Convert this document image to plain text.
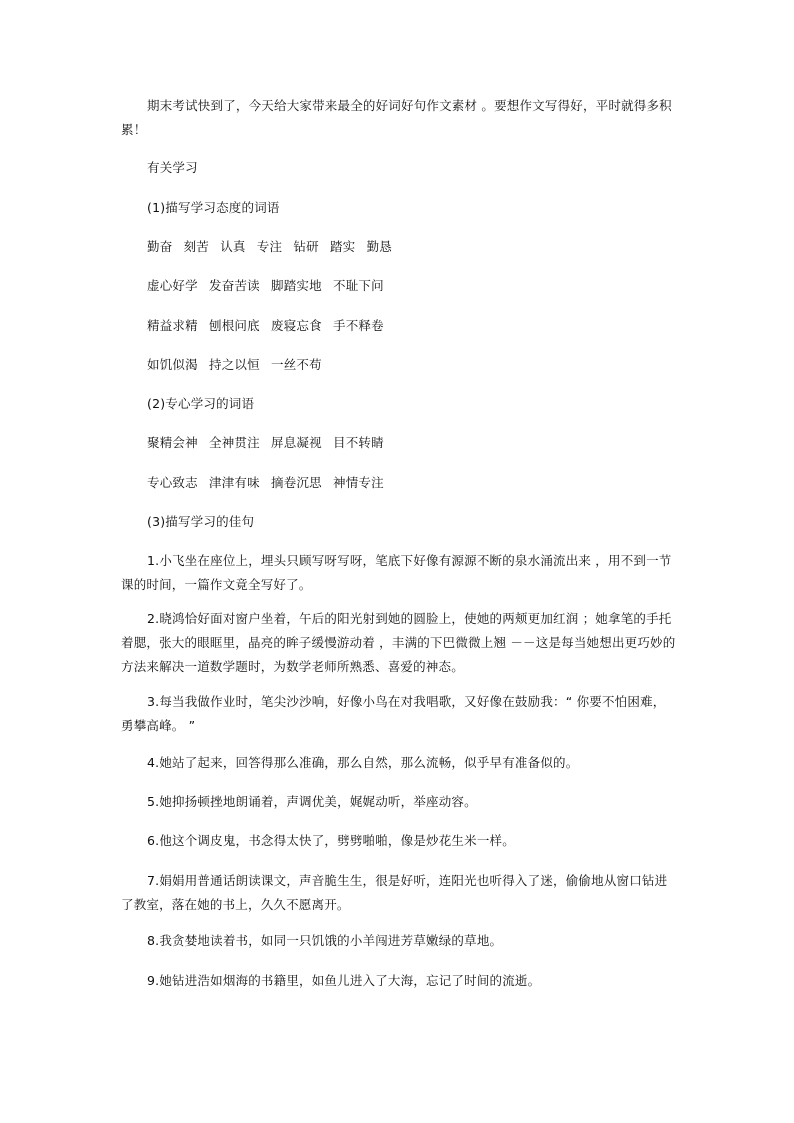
期末考试快到了，今天给大家带来最全的好词好句作文素材 。要想作文写得好，平时就得多积累！

有关学习

(1)描写学习态度的词语

勤奋 刻苦 认真 专注 钻研 踏实 勤恳

虚心好学 发奋苦读 脚踏实地 不耻下问

精益求精 刨根问底 废寝忘食 手不释卷

如饥似渴 持之以恒 一丝不苟

(2)专心学习的词语

聚精会神 全神贯注 屏息凝视 目不转睛

专心致志 津津有味 摘卷沉思 神情专注

(3)描写学习的佳句

1.小飞坐在座位上，埋头只顾写呀写呀，笔底下好像有源源不断的泉水涌流出来 ，用不到一节课的时间，一篇作文竟全写好了。

2.晓鸿恰好面对窗户坐着，午后的阳光射到她的圆脸上，使她的两颊更加红润 ；她拿笔的手托着腮，张大的眼眶里，晶亮的眸子缓慢游动着 ，丰满的下巴微微上翘 －－这是每当她想出更巧妙的方法来解决一道数学题时，为数学老师所熟悉、喜爱的神态。

3.每当我做作业时，笔尖沙沙响，好像小鸟在对我唱歌，又好像在鼓励我：“ 你要不怕困难，勇攀高峰。 ”

4.她站了起来，回答得那么准确，那么自然，那么流畅，似乎早有准备似的。

5.她抑扬顿挫地朗诵着，声调优美，娓娓动听，举座动容。

6.他这个调皮鬼，书念得太快了，劈劈啪啪，像是炒花生米一样。

7.娟娟用普通话朗读课文，声音脆生生，很是好听，连阳光也听得入了迷，偷偷地从窗口钻进了教室，落在她的书上，久久不愿离开。

8.我贪婪地读着书，如同一只饥饿的小羊闯进芳草嫩绿的草地。

9.她钻进浩如烟海的书籍里，如鱼儿进入了大海，忘记了时间的流逝。
